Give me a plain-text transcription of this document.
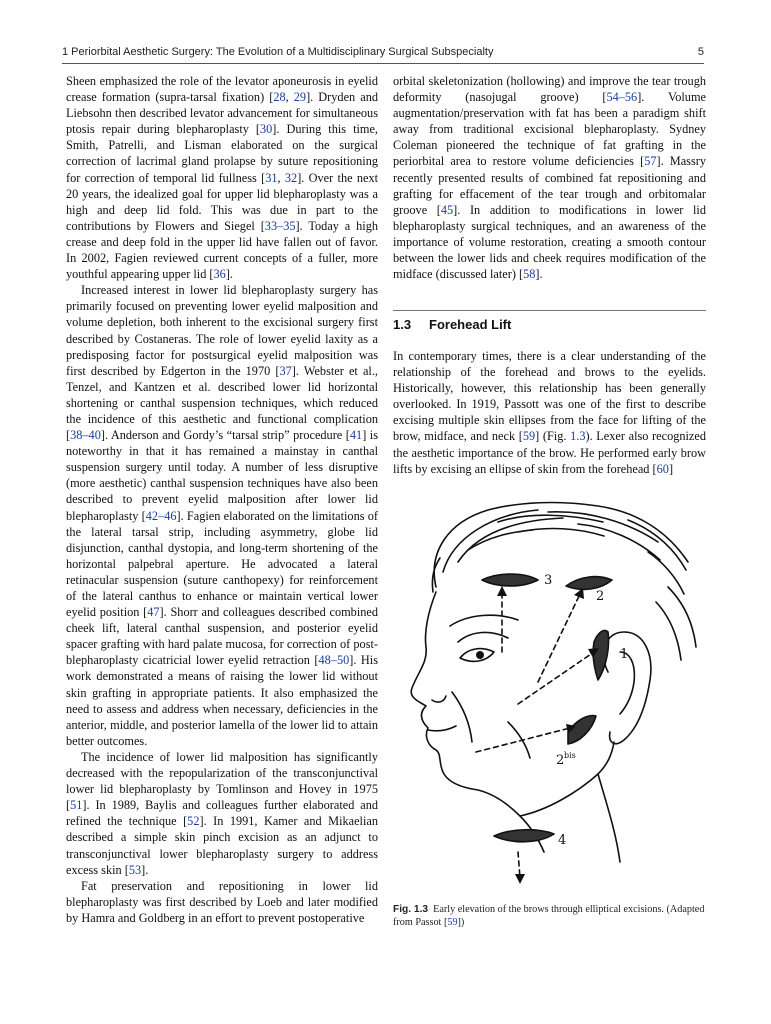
1 Periorbital Aesthetic Surgery: The Evolution of a Multidisciplinary Surgical Subspecialty	5

Sheen emphasized the role of the levator aponeurosis in eyelid crease formation (supra-tarsal fixation) [28, 29]. Dryden and Liebsohn then described levator advancement for simultaneous ptosis repair during blepharoplasty [30]. During this time, Smith, Patrelli, and Lisman elaborated on the surgical correction of lacrimal gland prolapse by suture repositioning for correction of temporal lid fullness [31, 32]. Over the next 20 years, the idealized goal for upper lid blepharoplasty was a high and deep lid fold. This was due in part to the contributions by Flowers and Siegel [33–35]. Today a high crease and deep fold in the upper lid have fallen out of favor. In 2002, Fagien reviewed current concepts of a fuller, more youthful appearing upper lid [36].

Increased interest in lower lid blepharoplasty surgery has primarily focused on preventing lower eyelid malposition and volume depletion, both inherent to the excisional surgery first described by Costaneras. The role of lower eyelid laxity as a predisposing factor for postsurgical eyelid malposition was first described by Edgerton in the 1970 [37]. Webster et al., Tenzel, and Kantzen et al. described lower lid horizontal shortening or canthal suspension techniques, which reduced the incidence of this aesthetic and functional complication [38–40]. Anderson and Gordy’s “tarsal strip” procedure [41] is noteworthy in that it has remained a mainstay in canthal suspension surgery until today. A number of less disruptive (more aesthetic) canthal suspension techniques have also been described to prevent eyelid malposition after lower lid blepharoplasty [42–46]. Fagien elaborated on the limitations of the lateral tarsal strip, including asymmetry, globe lid disjunction, canthal dystopia, and long-term shortening of the horizontal palpebral aperture. He advocated a lateral retinacular suspension (suture canthopexy) for reinforcement of the lateral canthus to enhance or maintain vertical lower eyelid position [47]. Shorr and colleagues described combined cheek lift, lateral canthal suspension, and posterior eyelid spacer grafting with hard palate mucosa, for correction of post-blepharoplasty cicatricial lower eyelid retraction [48–50]. His work demonstrated a means of raising the lower lid without skin grafting in appropriate patients. It also emphasized the need to assess and address when necessary, deficiencies in the anterior, middle, and posterior lamella of the lower lid to attain better outcomes.

The incidence of lower lid malposition has significantly decreased with the repopularization of the transconjunctival lower lid blepharoplasty by Tomlinson and Hovey in 1975 [51]. In 1989, Baylis and colleagues further elaborated and refined the technique [52]. In 1991, Kamer and Mikaelian described a simple skin pinch excision as an adjunct to transconjunctival lower blepharoplasty surgery to address excess skin [53].

Fat preservation and repositioning in lower lid blepharoplasty was first described by Loeb and later modified by Hamra and Goldberg in an effort to prevent postoperative

orbital skeletonization (hollowing) and improve the tear trough deformity (nasojugal groove) [54–56]. Volume augmentation/preservation with fat has been a paradigm shift away from traditional excisional blepharoplasty. Sydney Coleman pioneered the technique of fat grafting in the periorbital area to restore volume deficiencies [57]. Massry recently presented results of combined fat repositioning and grafting for effacement of the tear trough and orbitomalar groove [45]. In addition to modifications in lower lid blepharoplasty surgical techniques, and an awareness of the importance of volume restoration, creating a smooth contour between the lower lids and cheek requires modification of the midface (discussed later) [58].

1.3 Forehead Lift

In contemporary times, there is a clear understanding of the relationship of the forehead and brows to the eyelids. Historically, however, this relationship has been generally overlooked. In 1919, Passott was one of the first to describe excising multiple skin ellipses from the face for lifting of the brow, midface, and neck [59] (Fig. 1.3). Lexer also recognized the aesthetic importance of the brow. He performed early brow lifts by excising an ellipse of skin from the forehead [60]

3
2
1
2 bis
4
Fig. 1.3 Early elevation of the brows through elliptical excisions. (Adapted from Passot [59])
